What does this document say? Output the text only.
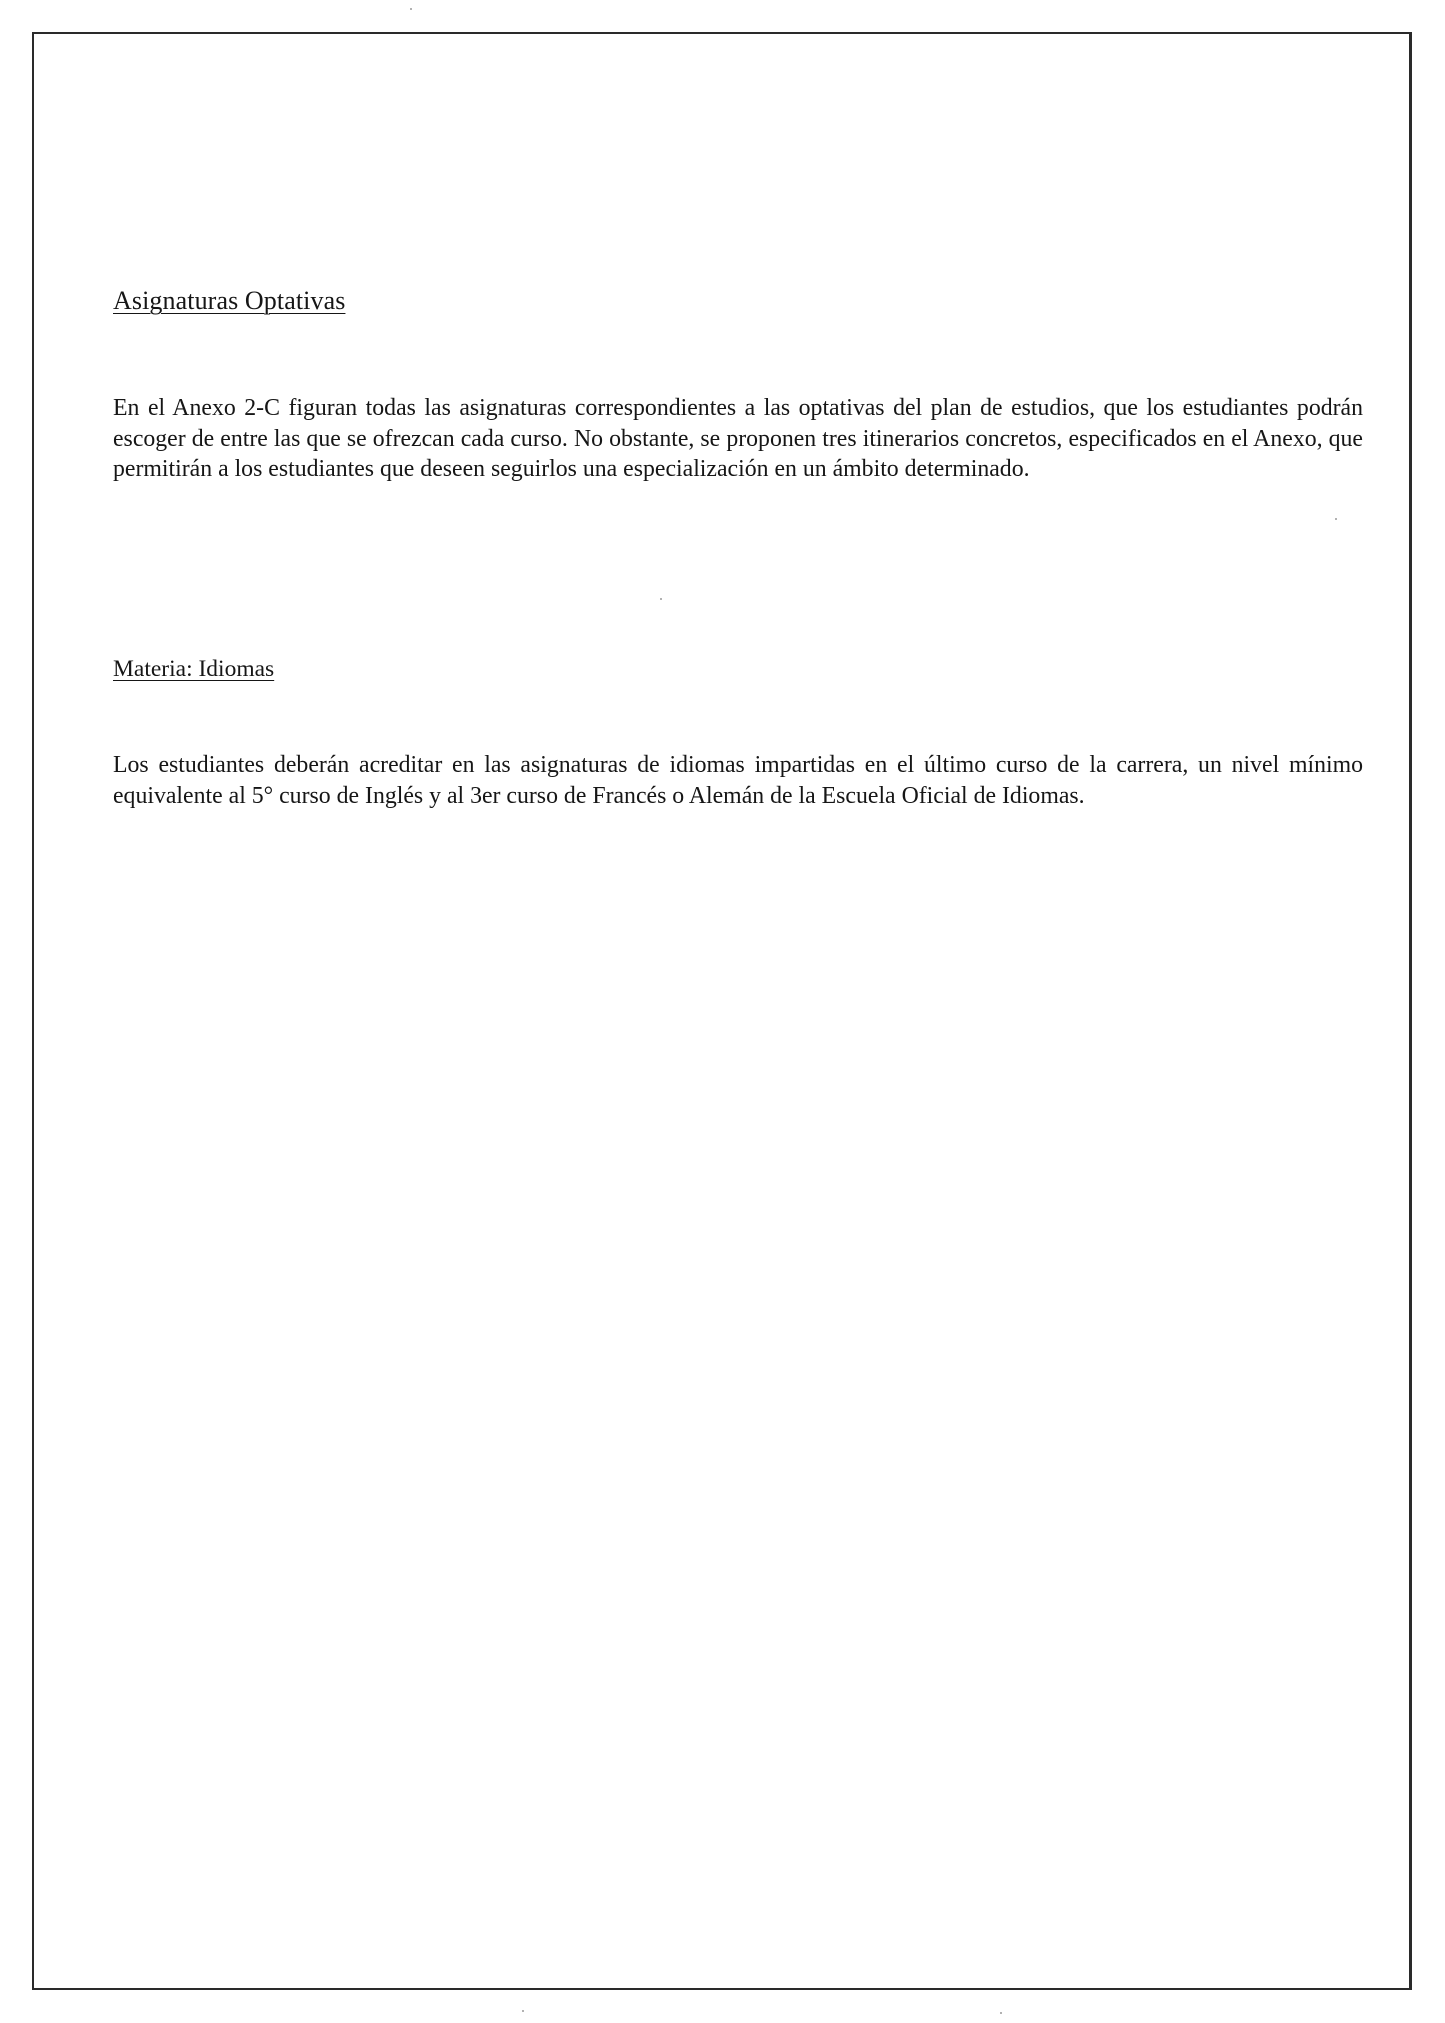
Asignaturas Optativas

En el Anexo 2-C figuran todas las asignaturas correspondientes a las optativas del plan de estudios, que los estudiantes podrán escoger de entre las que se ofrezcan cada curso. No obstante, se proponen tres itinerarios concretos, especificados en el Anexo, que permitirán a los estudiantes que deseen seguirlos una especialización en un ámbito determinado.

Materia: Idiomas

Los estudiantes deberán acreditar en las asignaturas de idiomas impartidas en el último curso de la carrera, un nivel mínimo equivalente al 5° curso de Inglés y al 3er curso de Francés o Alemán de la Escuela Oficial de Idiomas.
